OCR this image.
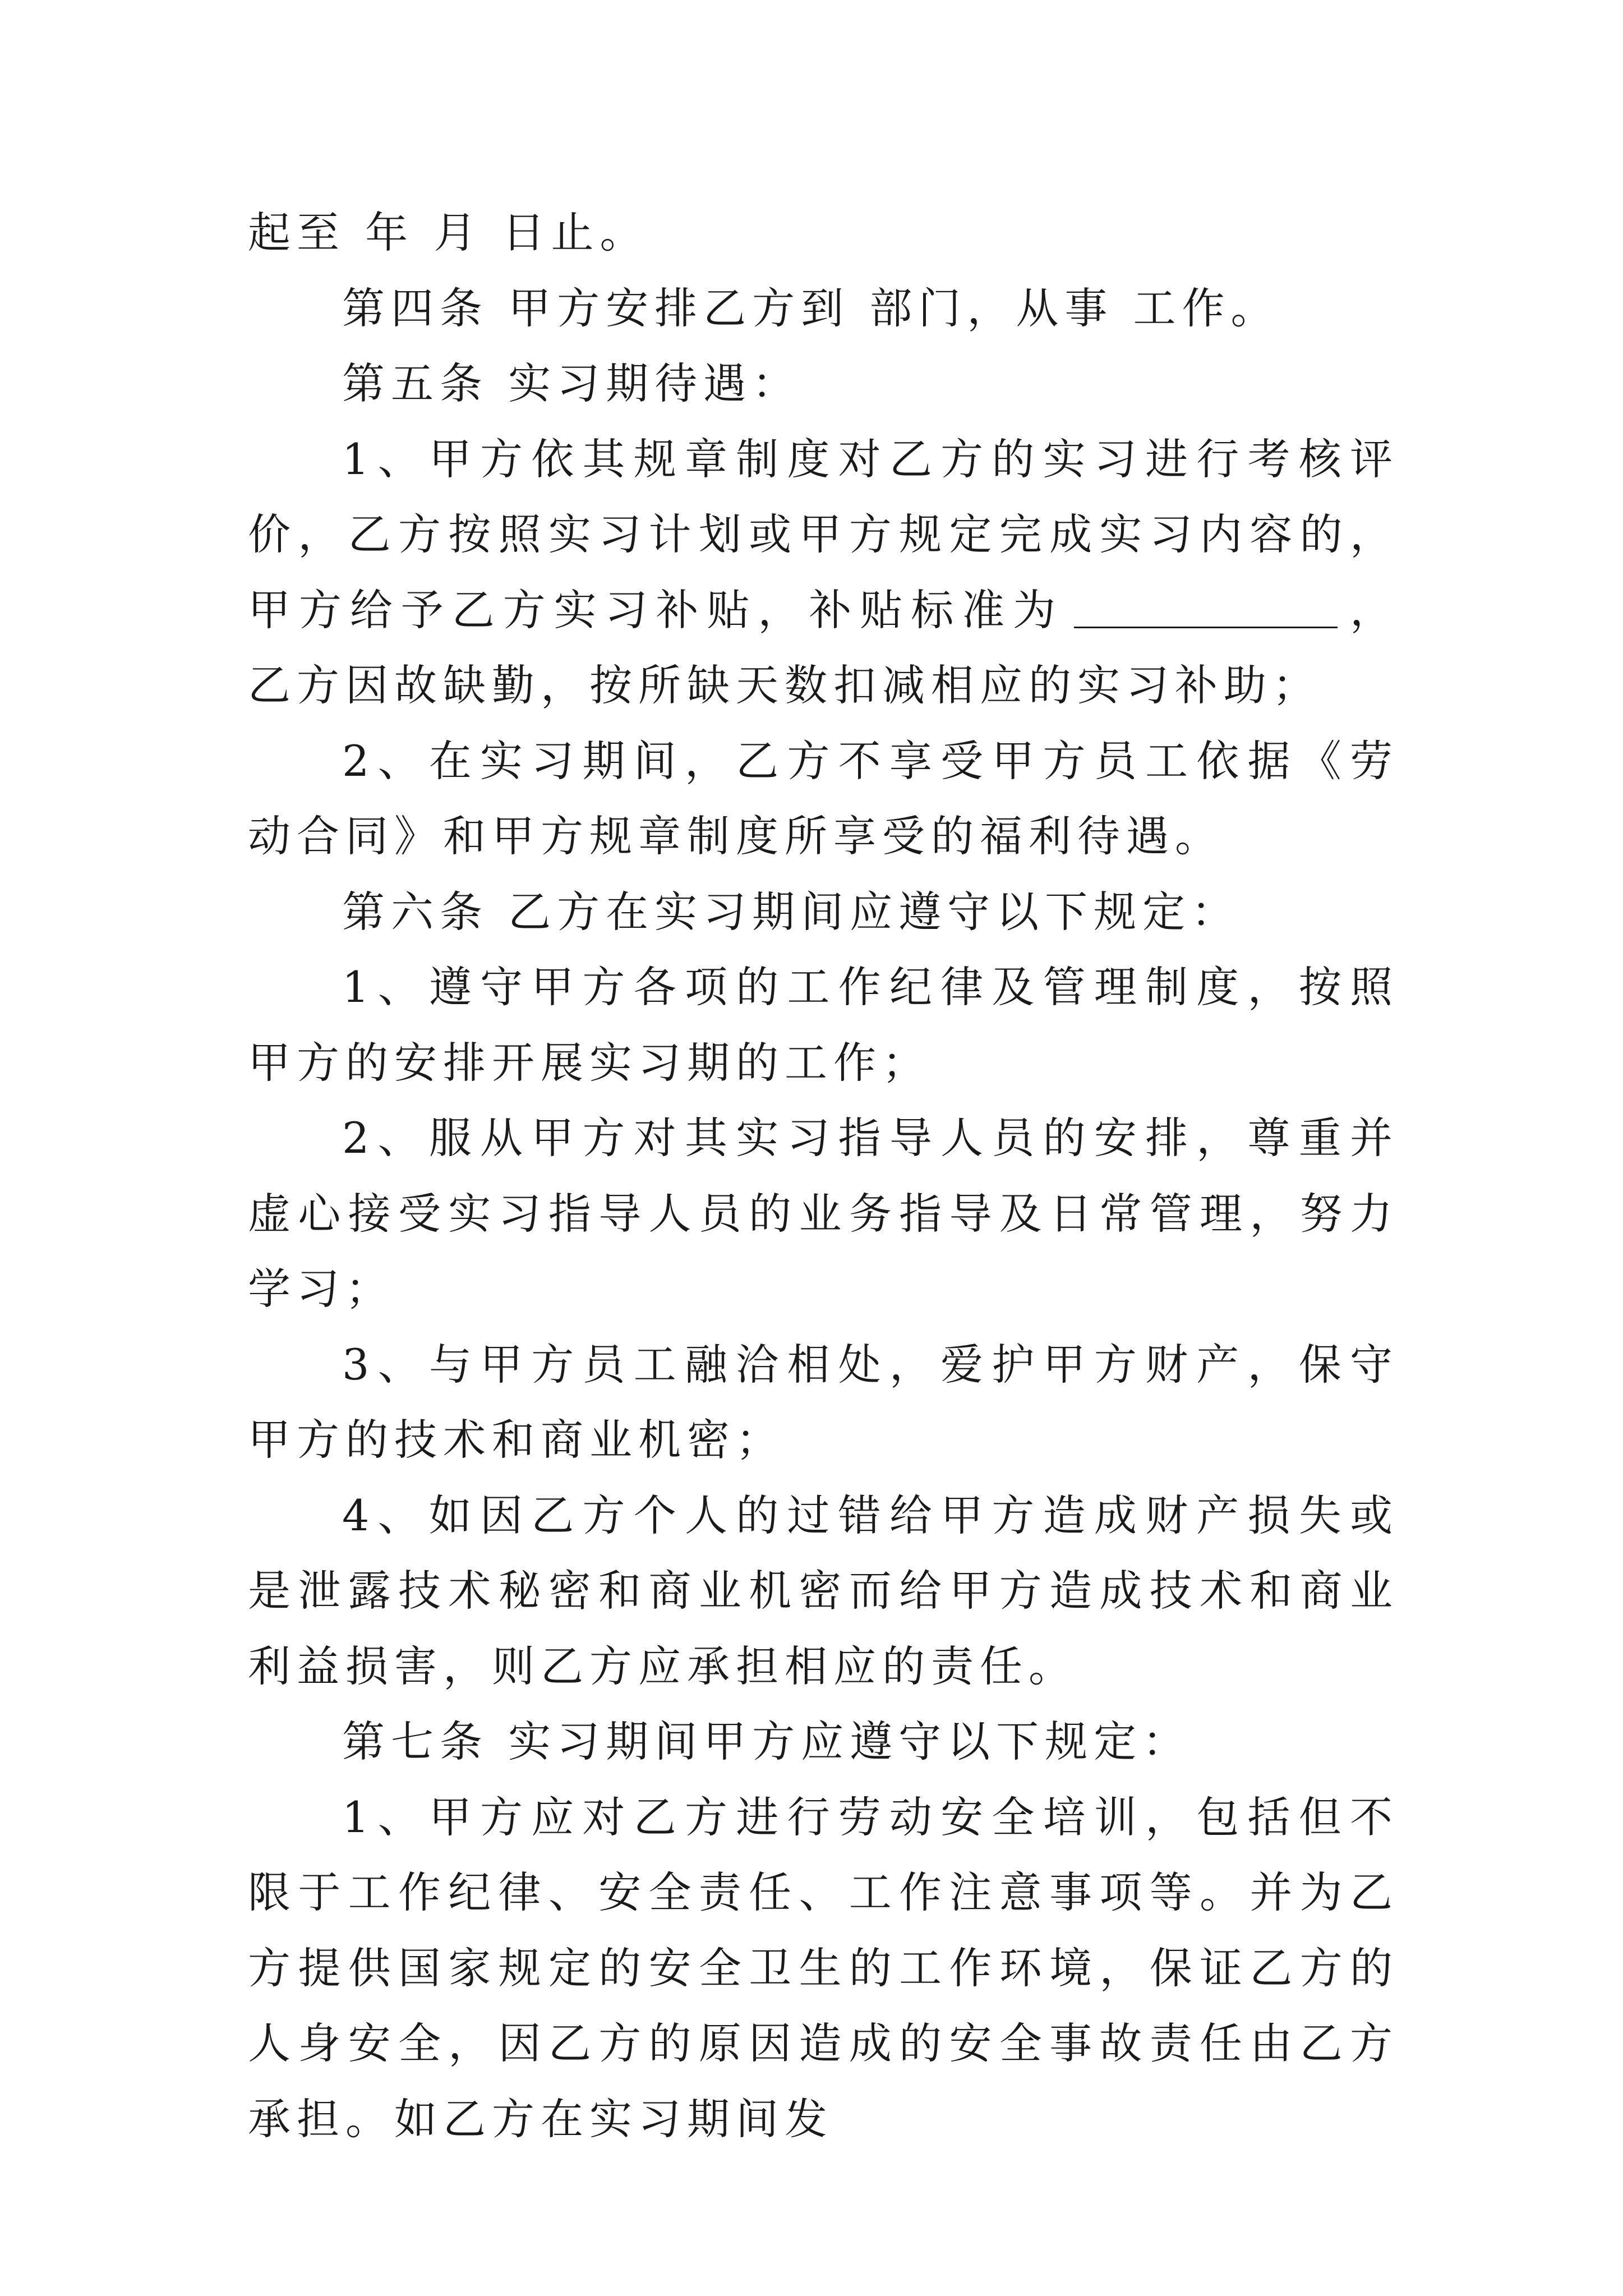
起至 年 月 日止。

第四条 甲方安排乙方到 部门，从事 工作。

第五条 实习期待遇：

1、甲方依其规章制度对乙方的实习进行考核评价，乙方按照实习计划或甲方规定完成实习内容的，甲方给予乙方实习补贴，补贴标准为	，乙方因故缺勤，按所缺天数扣减相应的实习补助；

2、在实习期间，乙方不享受甲方员工依据《劳动合同》和甲方规章制度所享受的福利待遇。

第六条 乙方在实习期间应遵守以下规定：

1、遵守甲方各项的工作纪律及管理制度，按照甲方的安排开展实习期的工作；

2、服从甲方对其实习指导人员的安排，尊重并虚心接受实习指导人员的业务指导及日常管理，努力学习；

3、与甲方员工融洽相处，爱护甲方财产，保守甲方的技术和商业机密；

4、如因乙方个人的过错给甲方造成财产损失或是泄露技术秘密和商业机密而给甲方造成技术和商业利益损害，则乙方应承担相应的责任。

第七条 实习期间甲方应遵守以下规定：

1、甲方应对乙方进行劳动安全培训，包括但不限于工作纪律、安全责任、工作注意事项等。并为乙方提供国家规定的安全卫生的工作环境，保证乙方的人身安全，因乙方的原因造成的安全事故责任由乙方承担。如乙方在实习期间发
